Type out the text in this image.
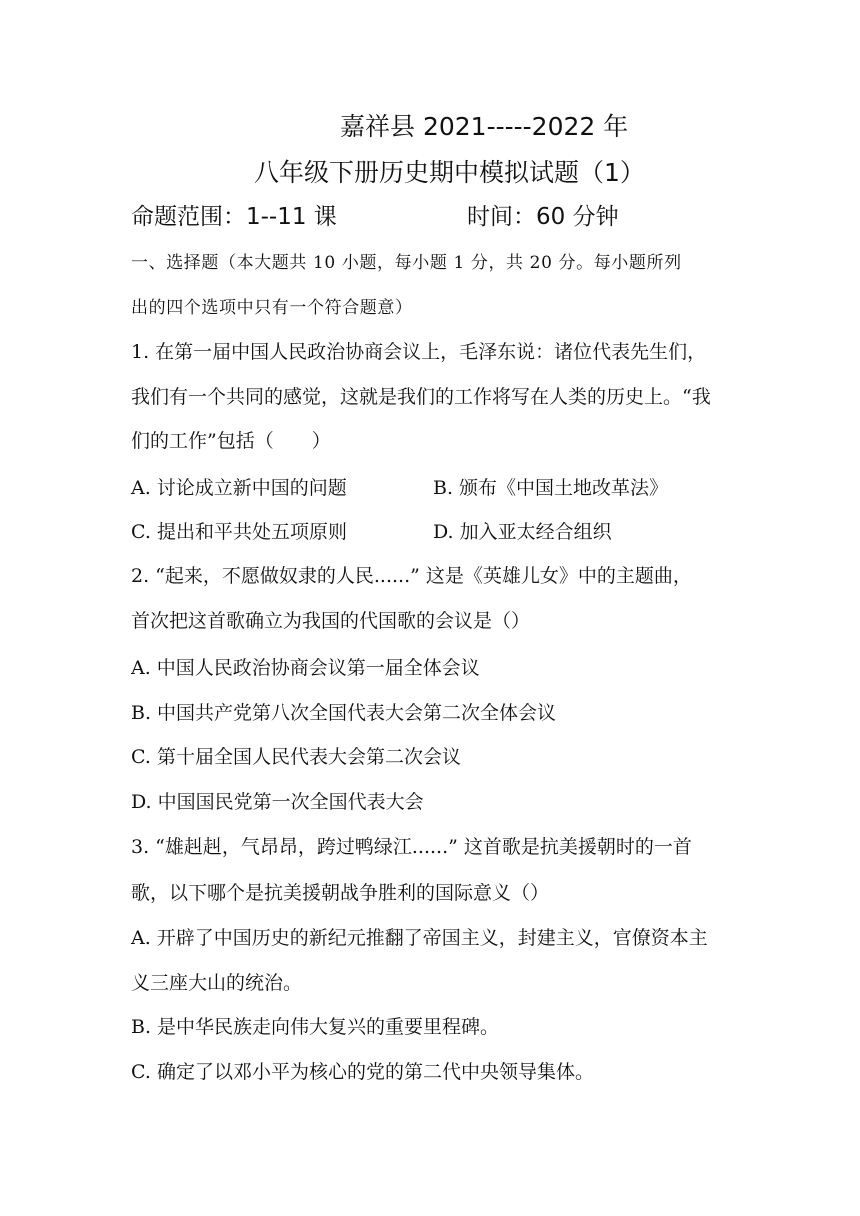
嘉祥县 2021-----2022 年
八年级下册历史期中模拟试题（1）
命题范围：1--11 课	时间：60 分钟
一、选择题（本大题共 10 小题，每小题 1 分，共 20 分。每小题所列
出的四个选项中只有一个符合题意）
1. 在第一届中国人民政治协商会议上，毛泽东说：诸位代表先生们，
我们有一个共同的感觉，这就是我们的工作将写在人类的历史上。“我
们的工作”包括（　　）
A. 讨论成立新中国的问题	B. 颁布《中国土地改革法》
C. 提出和平共处五项原则	D. 加入亚太经合组织
2. “起来，不愿做奴隶的人民......” 这是《英雄儿女》中的主题曲，
首次把这首歌确立为我国的代国歌的会议是（）
A. 中国人民政治协商会议第一届全体会议
B. 中国共产党第八次全国代表大会第二次全体会议
C. 第十届全国人民代表大会第二次会议
D. 中国国民党第一次全国代表大会
3. “雄赳赳，气昂昂，跨过鸭绿江......” 这首歌是抗美援朝时的一首
歌，以下哪个是抗美援朝战争胜利的国际意义（）
A. 开辟了中国历史的新纪元推翻了帝国主义，封建主义，官僚资本主
义三座大山的统治。
B. 是中华民族走向伟大复兴的重要里程碑。
C. 确定了以邓小平为核心的党的第二代中央领导集体。
